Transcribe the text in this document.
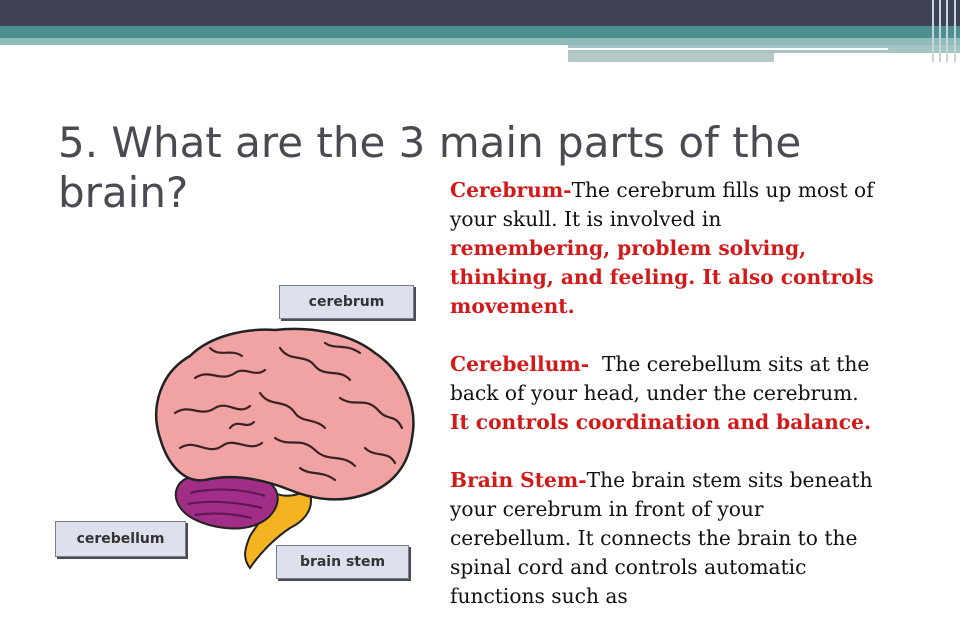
5. What are the 3 main parts of the brain?
cerebrum
cerebellum
brain stem

Cerebrum-The cerebrum fills up most of your skull. It is involved in remembering, problem solving, thinking, and feeling. It also controls movement.

Cerebellum-  The cerebellum sits at the back of your head, under the cerebrum. It controls coordination and balance.

Brain Stem-The brain stem sits beneath your cerebrum in front of your cerebellum. It connects the brain to the spinal cord and controls automatic functions such as
